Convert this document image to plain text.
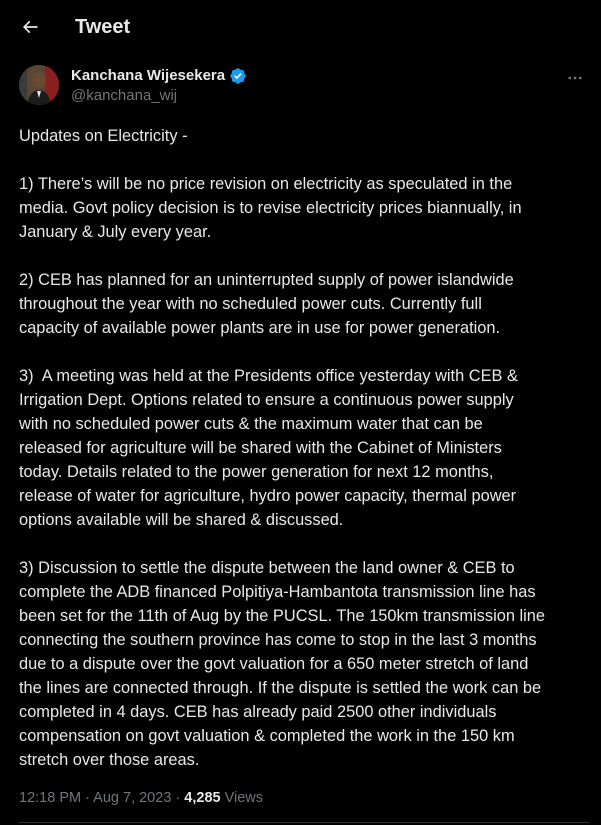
Tweet
Kanchana Wijesekera
@kanchana_wij

Updates on Electricity -

1) There’s will be no price revision on electricity as speculated in the
media. Govt policy decision is to revise electricity prices biannually, in
January & July every year.

2) CEB has planned for an uninterrupted supply of power islandwide
throughout the year with no scheduled power cuts. Currently full
capacity of available power plants are in use for power generation.

3)  A meeting was held at the Presidents office yesterday with CEB &
Irrigation Dept. Options related to ensure a continuous power supply
with no scheduled power cuts & the maximum water that can be
released for agriculture will be shared with the Cabinet of Ministers
today. Details related to the power generation for next 12 months,
release of water for agriculture, hydro power capacity, thermal power
options available will be shared & discussed.

3) Discussion to settle the dispute between the land owner & CEB to
complete the ADB financed Polpitiya-Hambantota transmission line has
been set for the 11th of Aug by the PUCSL. The 150km transmission line
connecting the southern province has come to stop in the last 3 months
due to a dispute over the govt valuation for a 650 meter stretch of land
the lines are connected through. If the dispute is settled the work can be
completed in 4 days. CEB has already paid 2500 other individuals
compensation on govt valuation & completed the work in the 150 km
stretch over those areas.

12:18 PM · Aug 7, 2023 · 4,285 Views
